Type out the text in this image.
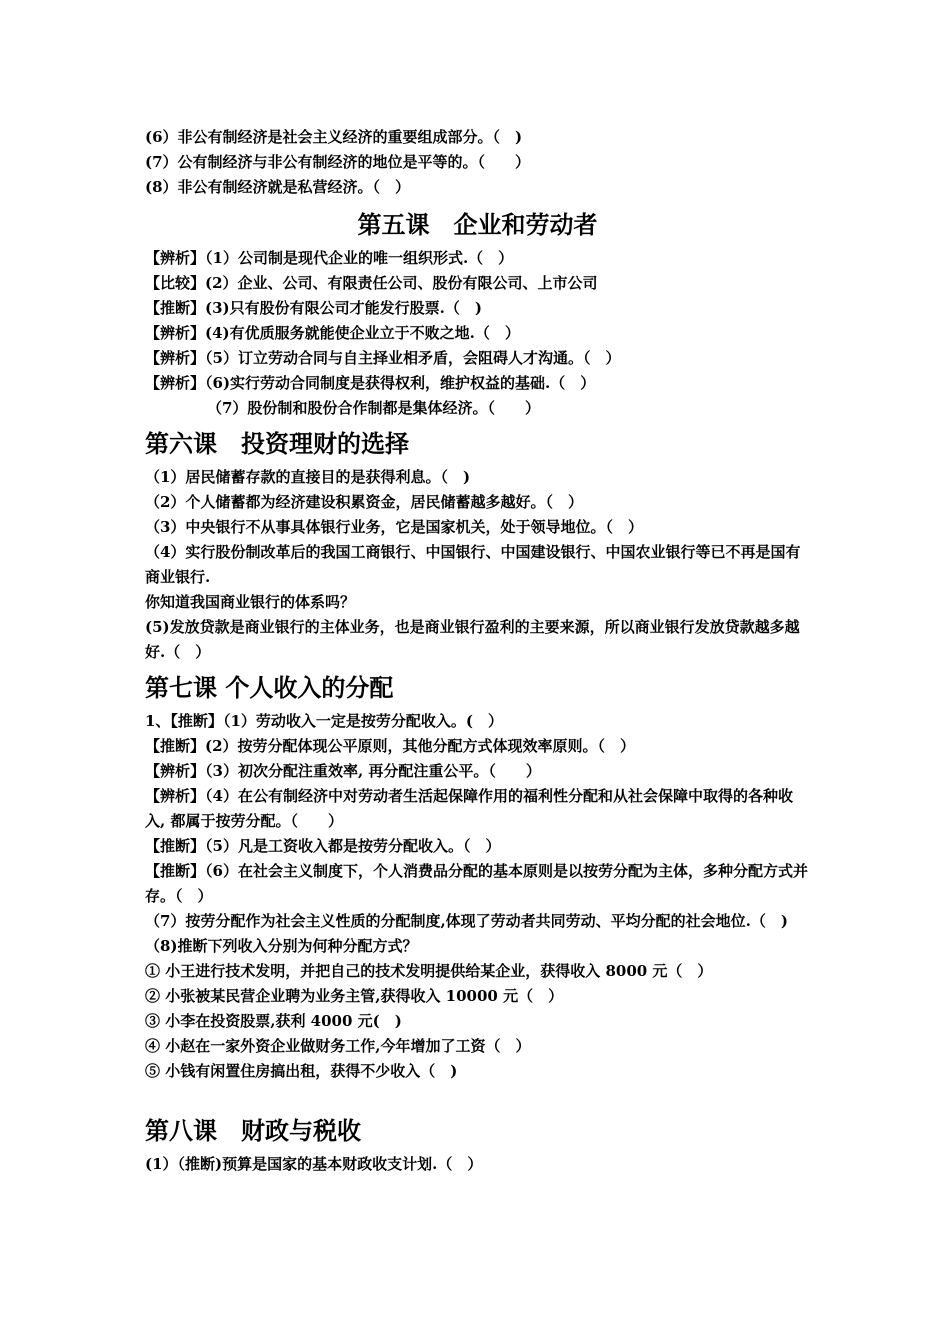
(6）非公有制经济是社会主义经济的重要组成部分。（　)
(7）公有制经济与非公有制经济的地位是平等的。（　　）
(8）非公有制经济就是私营经济。（　）
第五课　企业和劳动者
【辨析】（1）公司制是现代企业的唯一组织形式.（　）
【比较】(2）企业、公司、有限责任公司、股份有限公司、上市公司
【推断】(3)只有股份有限公司才能发行股票.（　)
【辨析】(4)有优质服务就能使企业立于不败之地.（　）
【辨析】（5）订立劳动合同与自主择业相矛盾，会阻碍人才沟通。（　）
【辨析】（6)实行劳动合同制度是获得权利，维护权益的基础.（　）
（7）股份制和股份合作制都是集体经济。（　　）
第六课　投资理财的选择
（1）居民储蓄存款的直接目的是获得利息。（　)
（2）个人储蓄都为经济建设积累资金，居民储蓄越多越好。（　）
（3）中央银行不从事具体银行业务，它是国家机关，处于领导地位。（　）
（4）实行股份制改革后的我国工商银行、中国银行、中国建设银行、中国农业银行等已不再是国有商业银行.
你知道我国商业银行的体系吗？
(5)发放贷款是商业银行的主体业务，也是商业银行盈利的主要来源，所以商业银行发放贷款越多越好.（　）
第七课 个人收入的分配
1、【推断】（1）劳动收入一定是按劳分配收入。(　）
【推断】(2）按劳分配体现公平原则，其他分配方式体现效率原则。（　）
【辨析】（3）初次分配注重效率, 再分配注重公平。（　　）
【辨析】（4）在公有制经济中对劳动者生活起保障作用的福利性分配和从社会保障中取得的各种收入, 都属于按劳分配。（　　）
【推断】（5）凡是工资收入都是按劳分配收入。（　）
【推断】（6）在社会主义制度下，个人消费品分配的基本原则是以按劳分配为主体，多种分配方式并存。（　）
（7）按劳分配作为社会主义性质的分配制度,体现了劳动者共同劳动、平均分配的社会地位.（　)
（8)推断下列收入分别为何种分配方式？
① 小王进行技术发明，并把自己的技术发明提供给某企业，获得收入 8000 元（　）
② 小张被某民营企业聘为业务主管,获得收入 10000 元（　）
③ 小李在投资股票,获利 4000 元(　)
④ 小赵在一家外资企业做财务工作,今年增加了工资（　）
⑤ 小钱有闲置住房搞出租，获得不少收入（　)
第八课　财政与税收
(1）（推断)预算是国家的基本财政收支计划.（　）
